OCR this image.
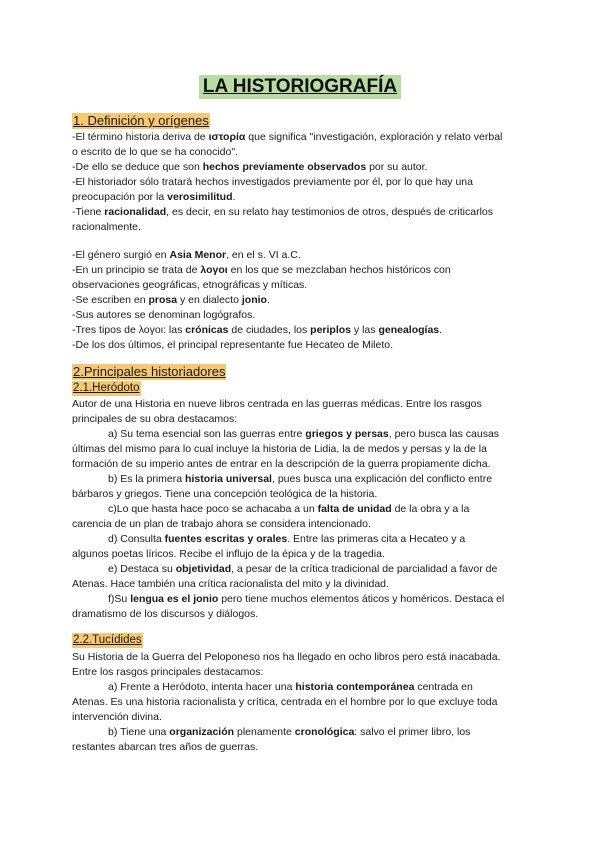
LA HISTORIOGRAFÍA
1. Definición y orígenes
-El término historia deriva de ιστορία que significa "investigación, exploración y relato verbal
o escrito de lo que se ha conocido".
-De ello se deduce que son hechos previamente observados por su autor.
-El historiador sólo tratará hechos investigados previamente por él, por lo que hay una
preocupación por la verosimilitud.
-Tiene racionalidad, es decir, en su relato hay testimonios de otros, después de criticarlos
racionalmente.
-El género surgió en Asia Menor, en el s. VI a.C.
-En un principio se trata de λογοι en los que se mezclaban hechos históricos con
observaciones geográficas, etnográficas y míticas.
-Se escriben en prosa y en dialecto jonio.
-Sus autores se denominan logógrafos.
-Tres tipos de λογοι: las crónicas de ciudades, los periplos y las genealogías.
-De los dos últimos, el principal representante fue Hecateo de Mileto.
2.Principales historiadores
2.1.Heródoto
Autor de una Historia en nueve libros centrada en las guerras médicas. Entre los rasgos
principales de su obra destacamos:
a) Su tema esencial son las guerras entre griegos y persas, pero busca las causas
últimas del mismo para lo cual incluye la historia de Lidia, la de medos y persas y la de la
formación de su imperio antes de entrar en la descripción de la guerra propiamente dicha.
b) Es la primera historia universal, pues busca una explicación del conflicto entre
bárbaros y griegos. Tiene una concepción teológica de la historia.
c)Lo que hasta hace poco se achacaba a un falta de unidad de la obra y a la
carencia de un plan de trabajo ahora se considera intencionado.
d) Consulta fuentes escritas y orales. Entre las primeras cita a Hecateo y a
algunos poetas líricos. Recibe el influjo de la épica y de la tragedia.
e) Destaca su objetividad, a pesar de la crítica tradicional de parcialidad a favor de
Atenas. Hace también una crítica racionalista del mito y la divinidad.
f)Su lengua es el jonio pero tiene muchos elementos áticos y homéricos. Destaca el
dramatismo de los discursos y diálogos.
2.2.Tucídides
Su Historia de la Guerra del Peloponeso nos ha llegado en ocho libros pero está inacabada.
Entre los rasgos principales destacamos:
a) Frente a Heródoto, intenta hacer una historia contemporánea centrada en
Atenas. Es una historia racionalista y crítica, centrada en el hombre por lo que excluye toda
intervención divina.
b) Tiene una organización plenamente cronológica: salvo el primer libro, los
restantes abarcan tres años de guerras.
